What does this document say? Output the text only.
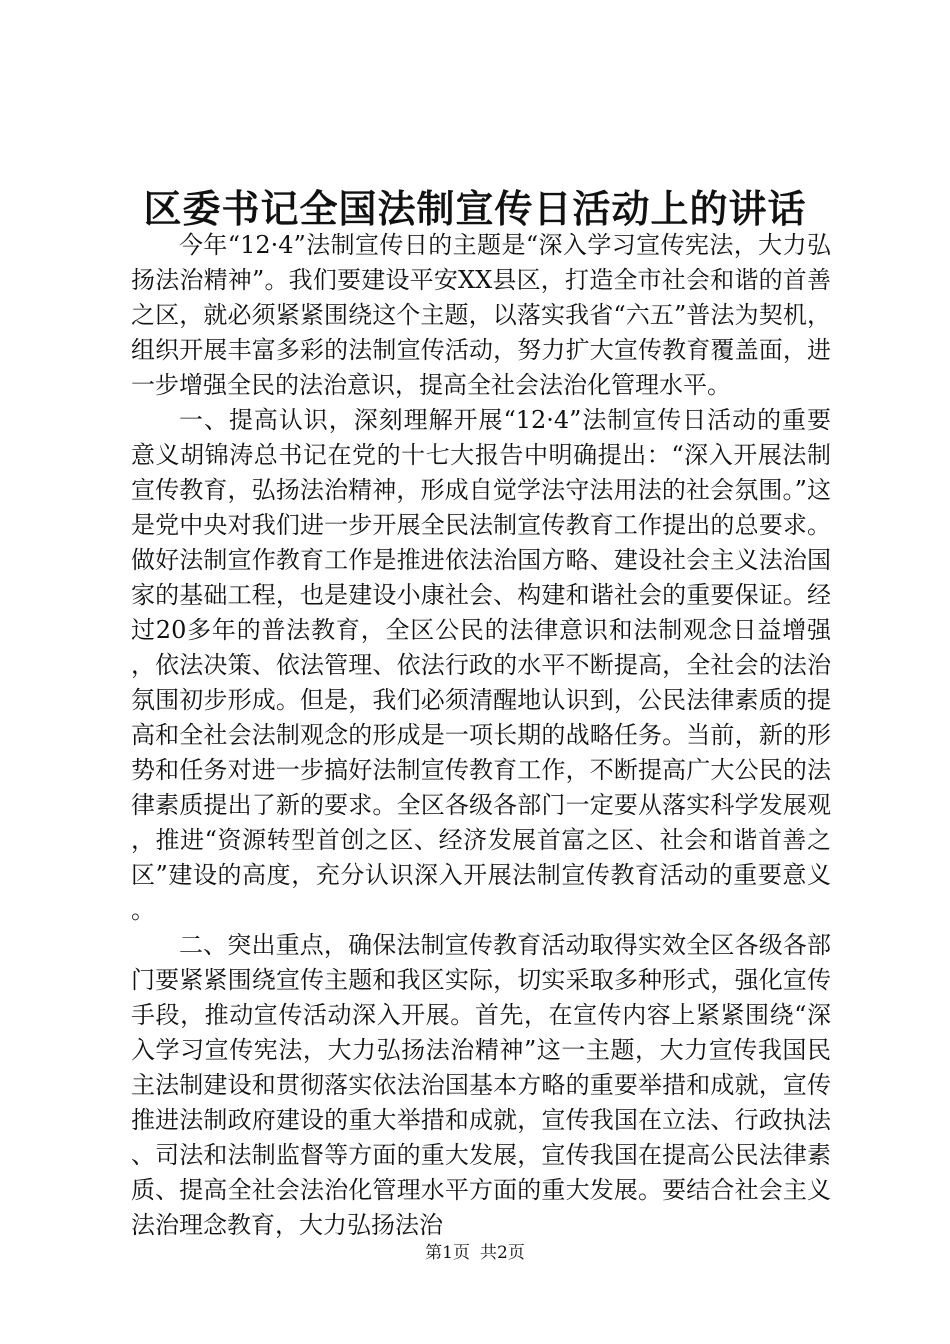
区委书记全国法制宣传日活动上的讲话

今年“12·4”法制宣传日的主题是“深入学习宣传宪法，大力弘扬法治精神”。我们要建设平安XX县区，打造全市社会和谐的首善之区，就必须紧紧围绕这个主题，以落实我省“六五”普法为契机，组织开展丰富多彩的法制宣传活动，努力扩大宣传教育覆盖面，进一步增强全民的法治意识，提高全社会法治化管理水平。

一、提高认识，深刻理解开展“12·4”法制宣传日活动的重要意义胡锦涛总书记在党的十七大报告中明确提出：“深入开展法制宣传教育，弘扬法治精神，形成自觉学法守法用法的社会氛围。”这是党中央对我们进一步开展全民法制宣传教育工作提出的总要求。做好法制宣作教育工作是推进依法治国方略、建设社会主义法治国家的基础工程，也是建设小康社会、构建和谐社会的重要保证。经过20多年的普法教育，全区公民的法律意识和法制观念日益增强，依法决策、依法管理、依法行政的水平不断提高，全社会的法治氛围初步形成。但是，我们必须清醒地认识到，公民法律素质的提高和全社会法制观念的形成是一项长期的战略任务。当前，新的形势和任务对进一步搞好法制宣传教育工作，不断提高广大公民的法律素质提出了新的要求。全区各级各部门一定要从落实科学发展观，推进“资源转型首创之区、经济发展首富之区、社会和谐首善之区”建设的高度，充分认识深入开展法制宣传教育活动的重要意义。

二、突出重点，确保法制宣传教育活动取得实效全区各级各部门要紧紧围绕宣传主题和我区实际，切实采取多种形式，强化宣传手段，推动宣传活动深入开展。首先，在宣传内容上紧紧围绕“深入学习宣传宪法，大力弘扬法治精神”这一主题，大力宣传我国民主法制建设和贯彻落实依法治国基本方略的重要举措和成就，宣传推进法制政府建设的重大举措和成就，宣传我国在立法、行政执法、司法和法制监督等方面的重大发展，宣传我国在提高公民法律素质、提高全社会法治化管理水平方面的重大发展。要结合社会主义法治理念教育，大力弘扬法治

第1页 共2页
